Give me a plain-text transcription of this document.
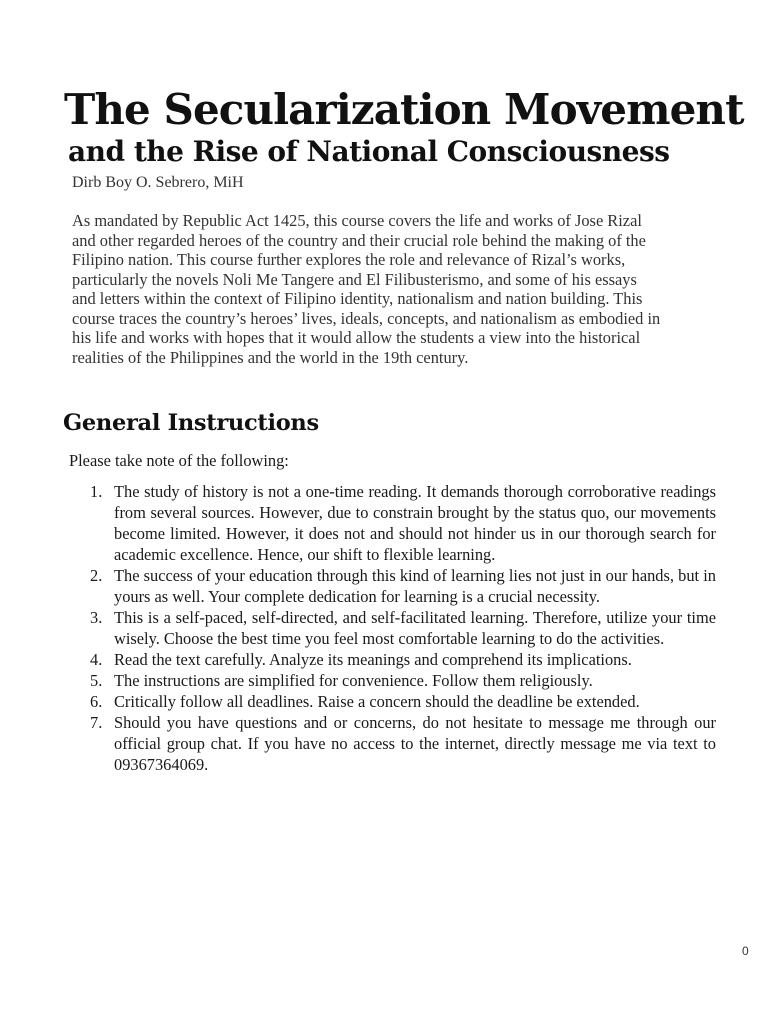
The Secularization Movement
and the Rise of National Consciousness

Dirb Boy O. Sebrero, MiH

As mandated by Republic Act 1425, this course covers the life and works of Jose Rizal and other regarded heroes of the country and their crucial role behind the making of the Filipino nation. This course further explores the role and relevance of Rizal’s works, particularly the novels Noli Me Tangere and El Filibusterismo, and some of his essays and letters within the context of Filipino identity, nationalism and nation building. This course traces the country’s heroes’ lives, ideals, concepts, and nationalism as embodied in his life and works with hopes that it would allow the students a view into the historical realities of the Philippines and the world in the 19th century.

General Instructions

Please take note of the following:

1. The study of history is not a one-time reading. It demands thorough corroborative readings from several sources. However, due to constrain brought by the status quo, our movements become limited. However, it does not and should not hinder us in our thorough search for academic excellence. Hence, our shift to flexible learning.
2. The success of your education through this kind of learning lies not just in our hands, but in yours as well. Your complete dedication for learning is a crucial necessity.
3. This is a self-paced, self-directed, and self-facilitated learning. Therefore, utilize your time wisely. Choose the best time you feel most comfortable learning to do the activities.
4. Read the text carefully. Analyze its meanings and comprehend its implications.
5. The instructions are simplified for convenience. Follow them religiously.
6. Critically follow all deadlines. Raise a concern should the deadline be extended.
7. Should you have questions and or concerns, do not hesitate to message me through our official group chat. If you have no access to the internet, directly message me via text to 09367364069.

0
